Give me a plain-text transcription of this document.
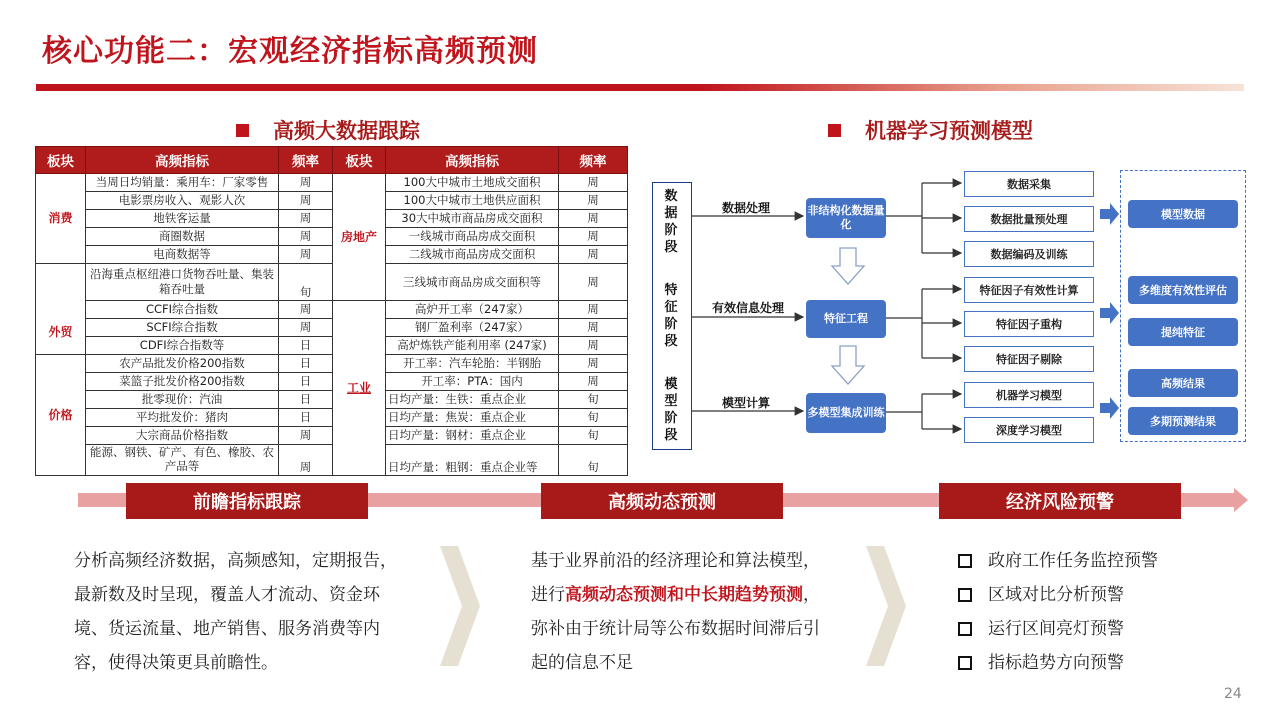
核心功能二：宏观经济指标高频预测
高频大数据跟踪	机器学习预测模型
板块	高频指标	频率	板块	高频指标	频率
消费	当周日均销量：乘用车：厂家零售	周	房地产	100大中城市土地成交面积	周
	电影票房收入、观影人次	周		100大中城市土地供应面积	周
	地铁客运量	周		30大中城市商品房成交面积	周
	商圈数据	周		一线城市商品房成交面积	周
	电商数据等	周		二线城市商品房成交面积	周
外贸	沿海重点枢纽港口货物吞吐量、集装箱吞吐量	旬		三线城市商品房成交面积等	周
	CCFI综合指数	周	工业	高炉开工率（247家）	周
	SCFI综合指数	周		钢厂盈利率（247家）	周
	CDFI综合指数等	日		高炉炼铁产能利用率 (247家)	周
价格	农产品批发价格200指数	日		开工率：汽车轮胎：半钢胎	周
	菜篮子批发价格200指数	日		开工率：PTA：国内	周
	批零现价：汽油	日		日均产量：生铁：重点企业	旬
	平均批发价：猪肉	日		日均产量：焦炭：重点企业	旬
	大宗商品价格指数	周		日均产量：钢材：重点企业	旬
	能源、钢铁、矿产、有色、橡胶、农产品等	周		日均产量：粗钢：重点企业等	旬
数
据
阶
段
特
征
阶
段
模
型
阶
段
数据处理
有效信息处理
模型计算
非结构化数据量化
特征工程
多模型集成训练
数据采集
数据批量预处理
数据编码及训练
特征因子有效性计算
特征因子重构
特征因子剔除
机器学习模型
深度学习模型
模型数据
多维度有效性评估
提纯特征
高频结果
多期预测结果
前瞻指标跟踪	高频动态预测	经济风险预警
分析高频经济数据，高频感知，定期报告，最新数及时呈现，覆盖人才流动、资金环境、货运流量、地产销售、服务消费等内容，使得决策更具前瞻性。
基于业界前沿的经济理论和算法模型， 进行高频动态预测和中长期趋势预测， 弥补由于统计局等公布数据时间滞后引起的信息不足
政府工作任务监控预警
区域对比分析预警
运行区间亮灯预警
指标趋势方向预警
24
